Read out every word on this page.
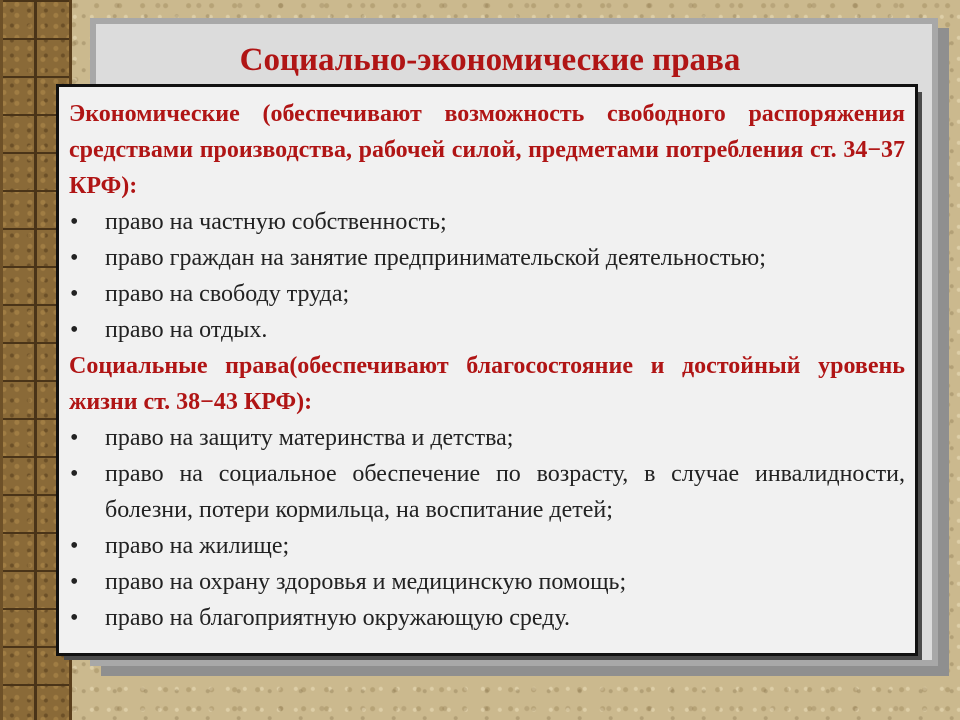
Социально-экономические права

Экономические (обеспечивают возможность свободного распоряжения средствами производства, рабочей силой, предметами потребления ст. 34−37 КРФ):

• право на частную собственность;
• право граждан на занятие предпринимательской деятельностью;
• право на свободу труда;
• право на отдых.

Социальные права(обеспечивают благосостояние и достойный уровень жизни ст. 38−43 КРФ):

• право на защиту материнства и детства;
• право на социальное обеспечение по возрасту, в случае инвалидности, болезни, потери кормильца, на воспитание детей;
• право на жилище;
• право на охрану здоровья и медицинскую помощь;
• право на благоприятную окружающую среду.
